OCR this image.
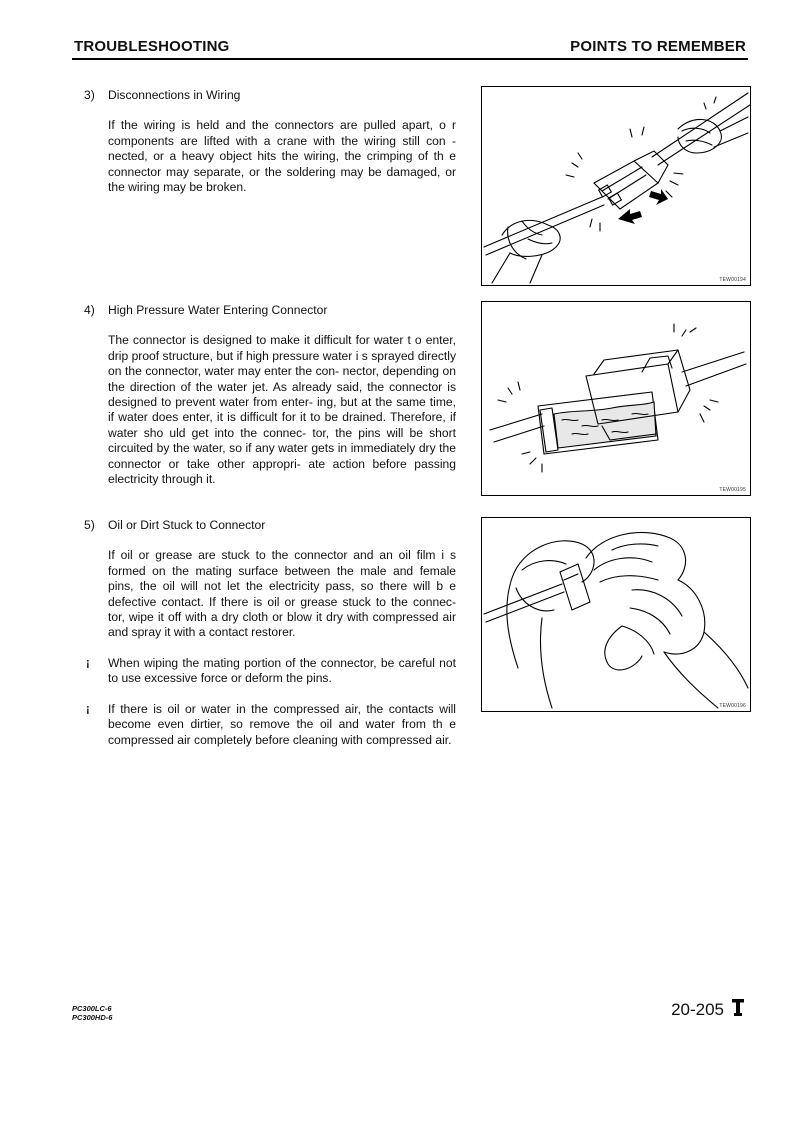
TROUBLESHOOTING	POINTS TO REMEMBER
3) Disconnections in Wiring
If the wiring is held and the connectors are pulled apart, o r components are lifted with a crane with the wiring still con - nected, or a heavy object hits the wiring, the crimping of th e connector may separate, or the soldering may be damaged, or the wiring may be broken.
TEW00194
4) High Pressure Water Entering Connector
The connector is designed to make it difficult for water t o enter, drip proof structure, but if high pressure water i s sprayed directly on the connector, water may enter the con- nector, depending on the direction of the water jet. As already said, the connector is designed to prevent water from enter- ing, but at the same time, if water does enter, it is difficult for it to be drained. Therefore, if water sho uld get into the connec- tor, the pins will be short circuited by the water, so if any water gets in immediately dry the connector or take other appropri- ate action before passing electricity through it.
TEW00195
5) Oil or Dirt Stuck to Connector
If oil or grease are stuck to the connector and an oil film i s formed on the mating surface between the male and female pins, the oil will not let the electricity pass, so there will b e defective contact. If there is oil or grease stuck to the connec- tor, wipe it off with a dry cloth or blow it dry with compressed air and spray it with a contact restorer.
¡	When wiping the mating portion of the connector, be careful not to use excessive force or deform the pins.
¡	If there is oil or water in the compressed air, the contacts will become even dirtier, so remove the oil and water from th e compressed air completely before cleaning with compressed air.
TEW00196
PC300LC-6
PC300HD-6	20-205
